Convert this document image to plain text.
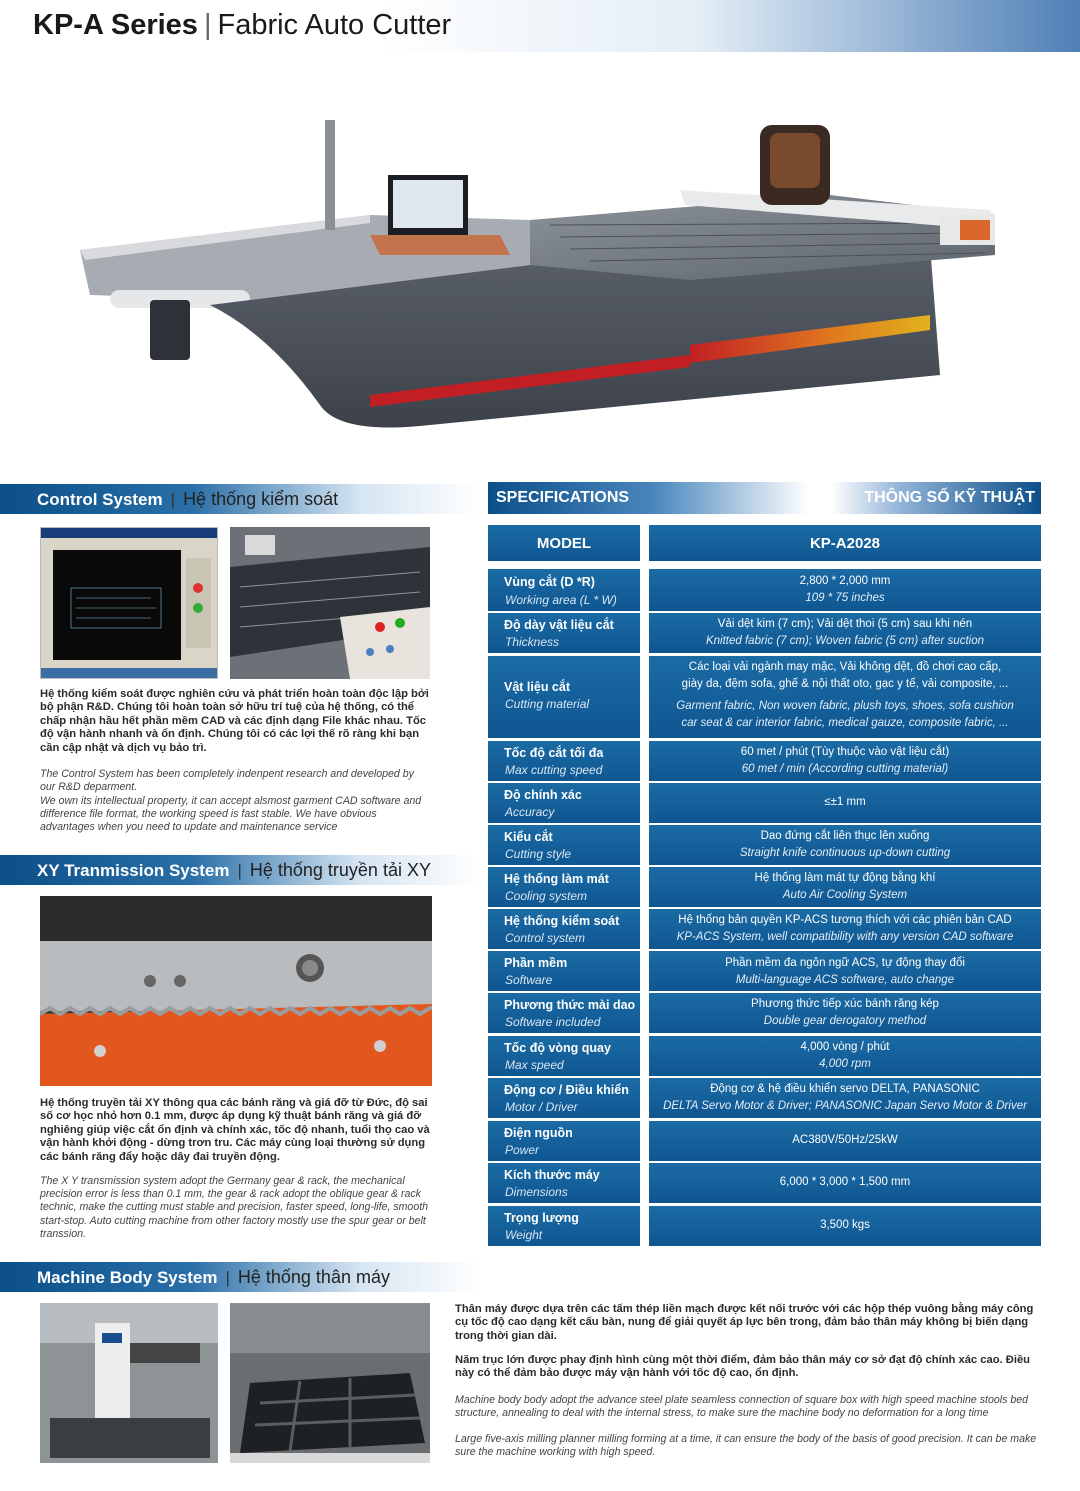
KP-A Series | Fabric Auto Cutter
Control System | Hệ thống kiểm soát
Hệ thống kiểm soát được nghiên cứu và phát triển hoàn toàn độc lập bởi bộ phận R&D. Chúng tôi hoàn toàn sở hữu trí tuệ của hệ thống, có thể chấp nhận hầu hết phần mềm CAD và các định dạng File khác nhau. Tốc độ vận hành nhanh và ổn định. Chúng tôi có các lợi thế rõ ràng khi bạn cần cập nhật và dịch vụ bảo trì.
The Control System has been completely indenpent research and developed by our R&D deparment.
We own its intellectual property, it can accept alsmost garment CAD software and difference file format, the working speed is fast stable. We have obvious advantages when you need to update and maintenance service
XY Tranmission System | Hệ thống truyền tải XY
Hệ thống truyền tải XY thông qua các bánh răng và giá đỡ từ Đức, độ sai số cơ học nhỏ hơn 0.1 mm, được áp dụng kỹ thuật bánh răng và giá đỡ nghiêng giúp việc cắt ổn định và chính xác, tốc độ nhanh, tuổi thọ cao và vận hành khởi động - dừng trơn tru. Các máy cùng loại thường sử dụng các bánh răng đẩy hoặc dây đai truyền động.
The X Y transmission system adopt the Germany gear & rack, the mechanical precision error is less than 0.1 mm, the gear & rack adopt the oblique gear & rack technic, make the cutting must stable and precision, faster speed, long-life, smooth start-stop. Auto cutting machine from other factory mostly use the spur gear or belt transsion.
Machine Body System | Hệ thống thân máy
Thân máy được dựa trên các tấm thép liền mạch được kết nối trước với các hộp thép vuông bằng máy công cụ tốc độ cao dạng kết cấu bàn, nung để giải quyết áp lực bên trong, đảm bảo thân máy không bị biến dạng trong thời gian dài.
Năm trục lớn được phay định hình cùng một thời điểm, đảm bảo thân máy cơ sở đạt độ chính xác cao. Điều này có thể đảm bảo được máy vận hành với tốc độ cao, ổn định.
Machine body body adopt the advance steel plate seamless connection of square box with high speed machine stools bed structure, annealing to deal with the internal stress, to make sure the machine body no deformation for a long time
Large five-axis milling planner milling forming at a time, it can ensure the body of the basis of good precision. It can be make sure the machine working with high speed.
SPECIFICATIONS	THÔNG SỐ KỸ THUẬT
MODEL	KP-A2028
Vùng cắt (D *R)
Working area (L * W)
2,800 * 2,000 mm
109 * 75 inches
Độ dày vật liệu cắt
Thickness
Vải dệt kim (7 cm); Vải dệt thoi (5 cm) sau khi nén
Knitted fabric (7 cm); Woven fabric (5 cm) after suction
Vật liệu cắt
Cutting material
Các loại vải ngành may mặc, Vải không dệt, đồ chơi cao cấp,
giày da, đệm sofa, ghế & nội thất oto, gạc y tế, vải composite, ...
Garment fabric, Non woven fabric, plush toys, shoes, sofa cushion
car seat & car interior fabric, medical gauze, composite fabric, ...
Tốc độ cắt tối đa
Max cutting speed
60 met / phút (Tùy thuộc vào vật liệu cắt)
60 met / min (According cutting material)
Độ chính xác
Accuracy
≤±1 mm
Kiểu cắt
Cutting style
Dao đứng cắt liên thục lên xuống
Straight knife continuous up-down cutting
Hệ thống làm mát
Cooling system
Hệ thống làm mát tự động bằng khí
Auto Air Cooling System
Hệ thống kiểm soát
Control system
Hệ thống bản quyền KP-ACS tương thích với các phiên bản CAD
KP-ACS System, well compatibility with any version CAD software
Phần mềm
Software
Phần mềm đa ngôn ngữ ACS, tự động thay đổi
Multi-language ACS software, auto change
Phương thức mài dao
Software included
Phương thức tiếp xúc bánh răng kép
Double gear derogatory method
Tốc độ vòng quay
Max speed
4,000 vòng / phút
4,000 rpm
Động cơ / Điều khiển
Motor / Driver
Động cơ & hệ điều khiển servo DELTA, PANASONIC
DELTA Servo Motor & Driver; PANASONIC Japan Servo Motor & Driver
Điện nguồn
Power
AC380V/50Hz/25kW
Kích thước máy
Dimensions
6,000 * 3,000 * 1,500 mm
Trọng lượng
Weight
3,500 kgs
